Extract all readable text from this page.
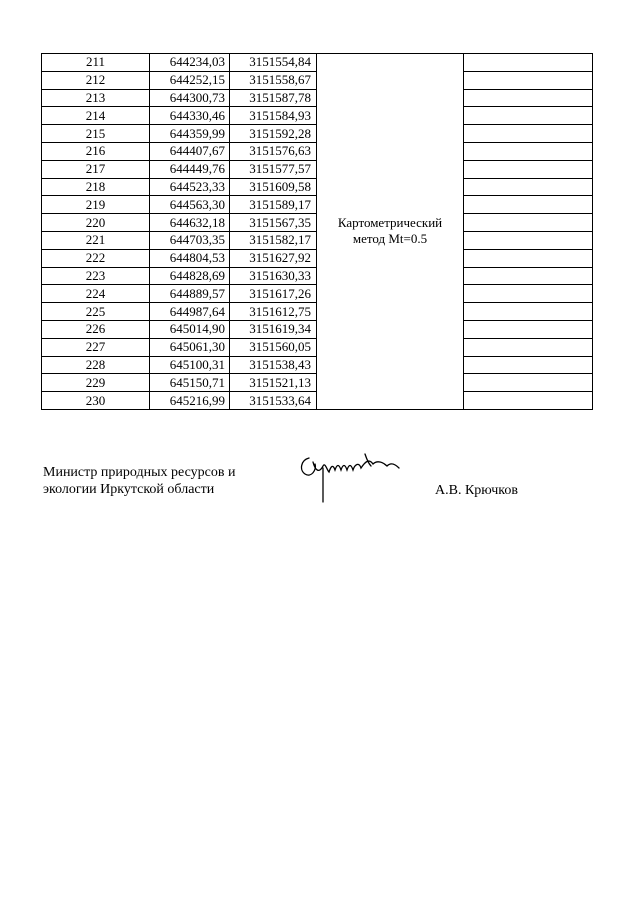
211	644234,03	3151554,84	Картометрический
метод Mt=0.5	

212	644252,15	3151558,67		
213	644300,73	3151587,78		
214	644330,46	3151584,93		
215	644359,99	3151592,28		
216	644407,67	3151576,63		
217	644449,76	3151577,57		
218	644523,33	3151609,58		
219	644563,30	3151589,17		
220	644632,18	3151567,35		
221	644703,35	3151582,17		
222	644804,53	3151627,92		
223	644828,69	3151630,33		
224	644889,57	3151617,26		
225	644987,64	3151612,75		
226	645014,90	3151619,34		
227	645061,30	3151560,05		
228	645100,31	3151538,43		
229	645150,71	3151521,13		
230	645216,99	3151533,64		
Министр природных ресурсов и
экологии Иркутской области	А.В. Крючков
